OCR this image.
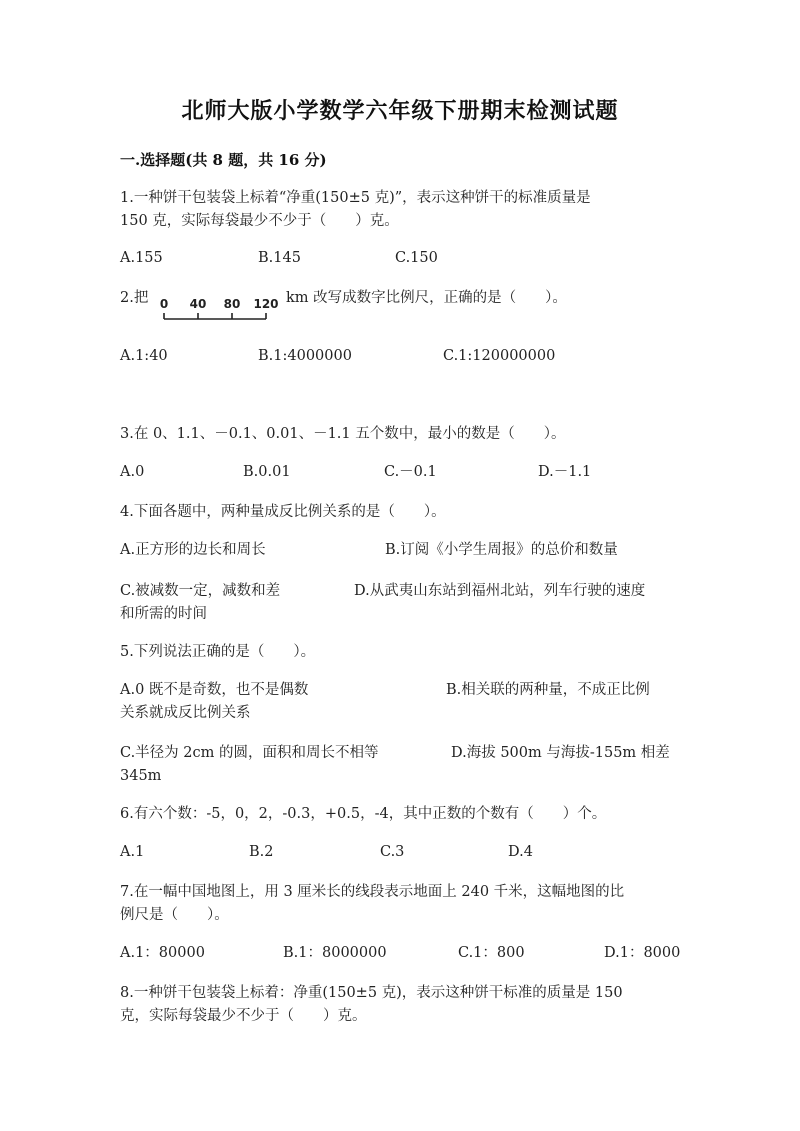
北师大版小学数学六年级下册期末检测试题
一.选择题(共 8 题，共 16 分)
1.一种饼干包装袋上标着“净重(150±5 克)”，表示这种饼干的标准质量是
150 克，实际每袋最少不少于（　　）克。
A.155	B.145	C.150
2.把 0 40 80 120 km 改写成数字比例尺，正确的是（　　）。
A.1:40	B.1:4000000	C.1:120000000
3.在 0、1.1、－0.1、0.01、－1.1 五个数中，最小的数是（　　）。
A.0	B.0.01	C.－0.1	D.－1.1
4.下面各题中，两种量成反比例关系的是（　　）。
A.正方形的边长和周长	B.订阅《小学生周报》的总价和数量
C.被减数一定，减数和差	D.从武夷山东站到福州北站，列车行驶的速度
和所需的时间
5.下列说法正确的是（　　）。
A.0 既不是奇数，也不是偶数	B.相关联的两种量，不成正比例
关系就成反比例关系
C.半径为 2cm 的圆，面积和周长不相等	D.海拔 500m 与海拔-155m 相差
345m
6.有六个数：-5，0，2，-0.3，+0.5，-4，其中正数的个数有（　　）个。
A.1	B.2	C.3	D.4
7.在一幅中国地图上，用 3 厘米长的线段表示地面上 240 千米，这幅地图的比
例尺是（　　）。
A.1：80000	B.1：8000000	C.1：800	D.1：8000
8.一种饼干包装袋上标着：净重(150±5 克)，表示这种饼干标准的质量是 150
克，实际每袋最少不少于（　　）克。
